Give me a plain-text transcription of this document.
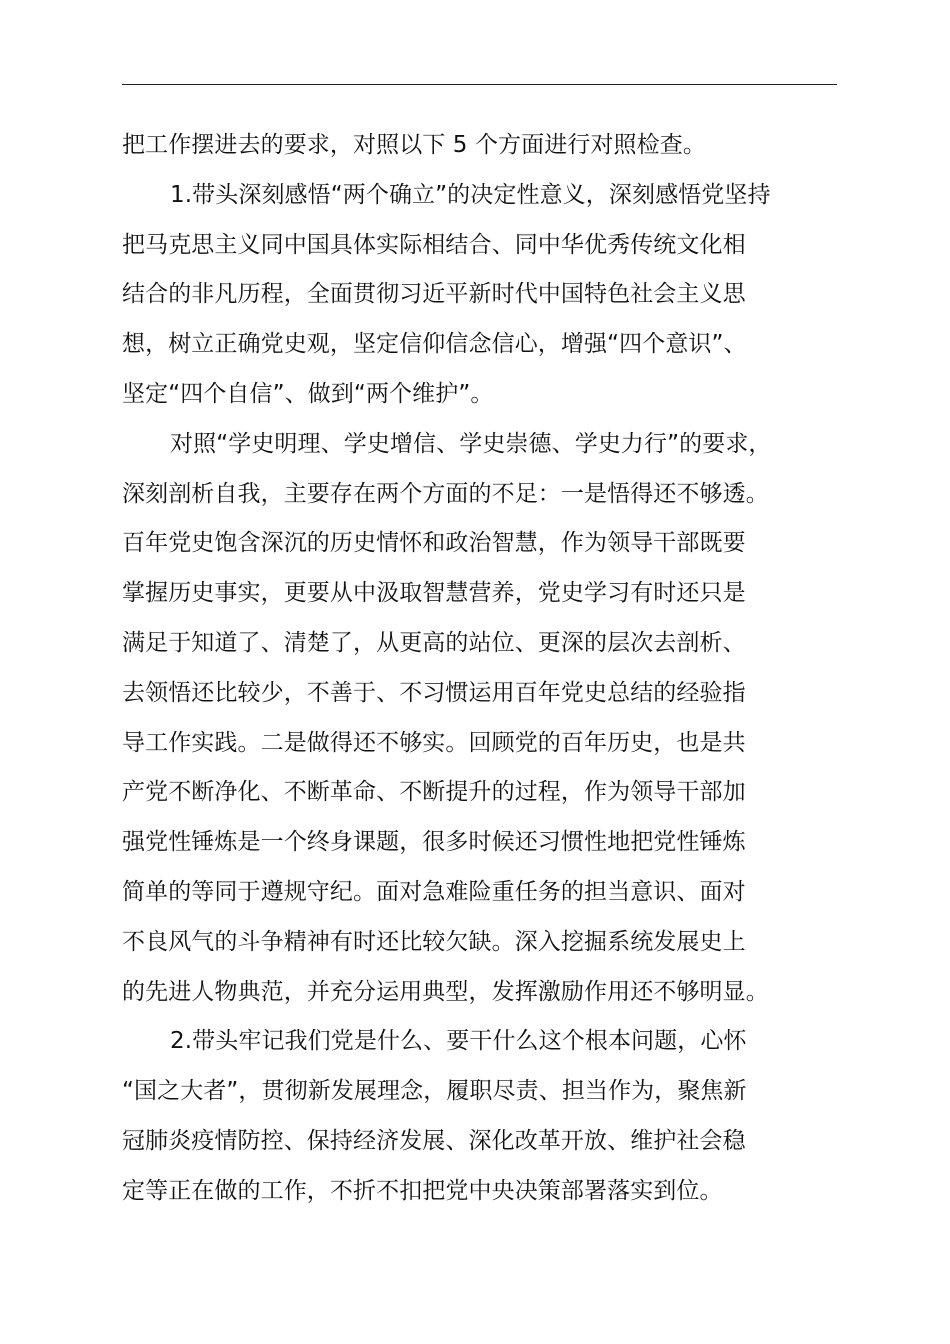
把工作摆进去的要求，对照以下 5 个方面进行对照检查。

1.带头深刻感悟“两个确立”的决定性意义，深刻感悟党坚持
把马克思主义同中国具体实际相结合、同中华优秀传统文化相
结合的非凡历程，全面贯彻习近平新时代中国特色社会主义思
想，树立正确党史观，坚定信仰信念信心，增强“四个意识”、
坚定“四个自信”、做到“两个维护”。

对照“学史明理、学史增信、学史崇德、学史力行”的要求，
深刻剖析自我，主要存在两个方面的不足：一是悟得还不够透。
百年党史饱含深沉的历史情怀和政治智慧，作为领导干部既要
掌握历史事实，更要从中汲取智慧营养，党史学习有时还只是
满足于知道了、清楚了，从更高的站位、更深的层次去剖析、
去领悟还比较少，不善于、不习惯运用百年党史总结的经验指
导工作实践。二是做得还不够实。回顾党的百年历史，也是共
产党不断净化、不断革命、不断提升的过程，作为领导干部加
强党性锤炼是一个终身课题，很多时候还习惯性地把党性锤炼
简单的等同于遵规守纪。面对急难险重任务的担当意识、面对
不良风气的斗争精神有时还比较欠缺。深入挖掘系统发展史上
的先进人物典范，并充分运用典型，发挥激励作用还不够明显。

2.带头牢记我们党是什么、要干什么这个根本问题，心怀
“国之大者”，贯彻新发展理念，履职尽责、担当作为，聚焦新
冠肺炎疫情防控、保持经济发展、深化改革开放、维护社会稳
定等正在做的工作，不折不扣把党中央决策部署落实到位。
